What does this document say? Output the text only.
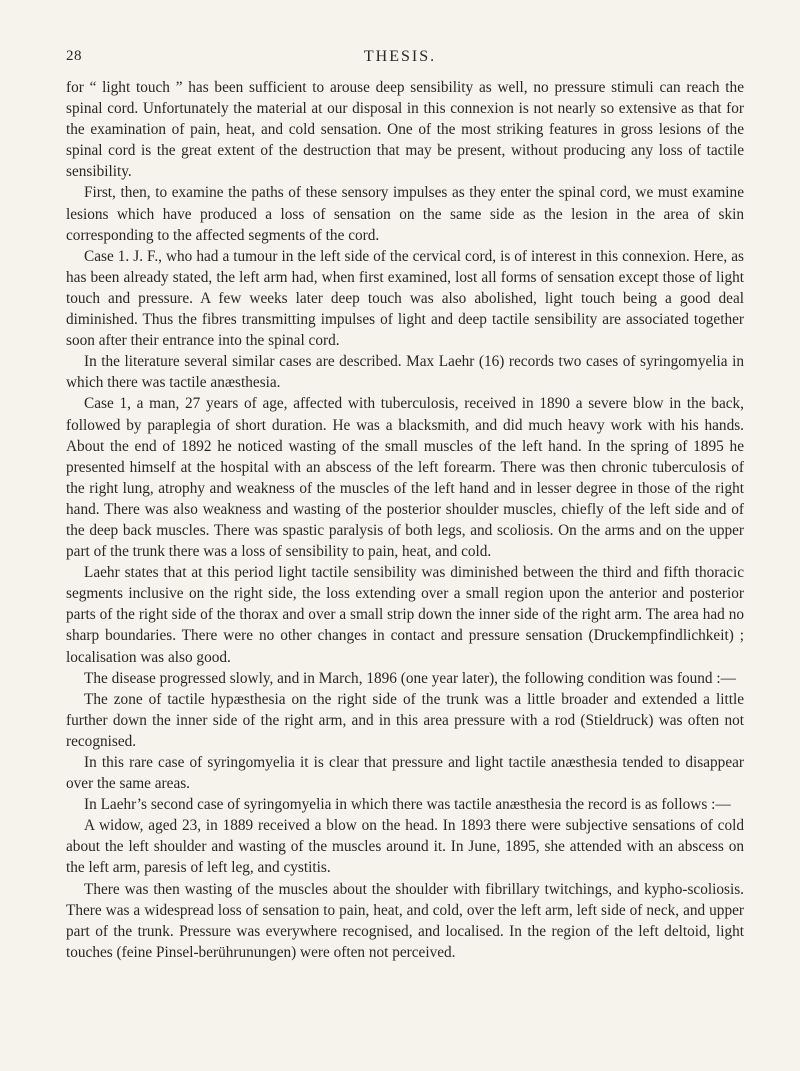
28	THESIS.

for “ light touch ” has been sufficient to arouse deep sensibility as well, no pressure stimuli can reach the spinal cord. Unfortunately the material at our disposal in this connexion is not nearly so extensive as that for the examination of pain, heat, and cold sensation. One of the most striking features in gross lesions of the spinal cord is the great extent of the destruction that may be present, without producing any loss of tactile sensibility.

First, then, to examine the paths of these sensory impulses as they enter the spinal cord, we must examine lesions which have produced a loss of sensation on the same side as the lesion in the area of skin corresponding to the affected segments of the cord.

Case 1. J. F., who had a tumour in the left side of the cervical cord, is of interest in this connexion. Here, as has been already stated, the left arm had, when first examined, lost all forms of sensation except those of light touch and pressure. A few weeks later deep touch was also abolished, light touch being a good deal diminished. Thus the fibres transmitting impulses of light and deep tactile sensibility are associated together soon after their entrance into the spinal cord.

In the literature several similar cases are described. Max Laehr (16) records two cases of syringomyelia in which there was tactile anæsthesia.

Case 1, a man, 27 years of age, affected with tuberculosis, received in 1890 a severe blow in the back, followed by paraplegia of short duration. He was a blacksmith, and did much heavy work with his hands. About the end of 1892 he noticed wasting of the small muscles of the left hand. In the spring of 1895 he presented himself at the hospital with an abscess of the left forearm. There was then chronic tuberculosis of the right lung, atrophy and weakness of the muscles of the left hand and in lesser degree in those of the right hand. There was also weakness and wasting of the posterior shoulder muscles, chiefly of the left side and of the deep back muscles. There was spastic paralysis of both legs, and scoliosis. On the arms and on the upper part of the trunk there was a loss of sensibility to pain, heat, and cold.

Laehr states that at this period light tactile sensibility was diminished between the third and fifth thoracic segments inclusive on the right side, the loss extending over a small region upon the anterior and posterior parts of the right side of the thorax and over a small strip down the inner side of the right arm. The area had no sharp boundaries. There were no other changes in contact and pressure sensation (Druckempfindlichkeit) ; localisation was also good.

The disease progressed slowly, and in March, 1896 (one year later), the following condition was found :—

The zone of tactile hypæsthesia on the right side of the trunk was a little broader and extended a little further down the inner side of the right arm, and in this area pressure with a rod (Stieldruck) was often not recognised.

In this rare case of syringomyelia it is clear that pressure and light tactile anæsthesia tended to disappear over the same areas.

In Laehr’s second case of syringomyelia in which there was tactile anæsthesia the record is as follows :—

A widow, aged 23, in 1889 received a blow on the head. In 1893 there were subjective sensations of cold about the left shoulder and wasting of the muscles around it. In June, 1895, she attended with an abscess on the left arm, paresis of left leg, and cystitis.

There was then wasting of the muscles about the shoulder with fibrillary twitchings, and kypho-scoliosis. There was a widespread loss of sensation to pain, heat, and cold, over the left arm, left side of neck, and upper part of the trunk. Pressure was everywhere recognised, and localised. In the region of the left deltoid, light touches (feine Pinsel-berührunungen) were often not perceived.
